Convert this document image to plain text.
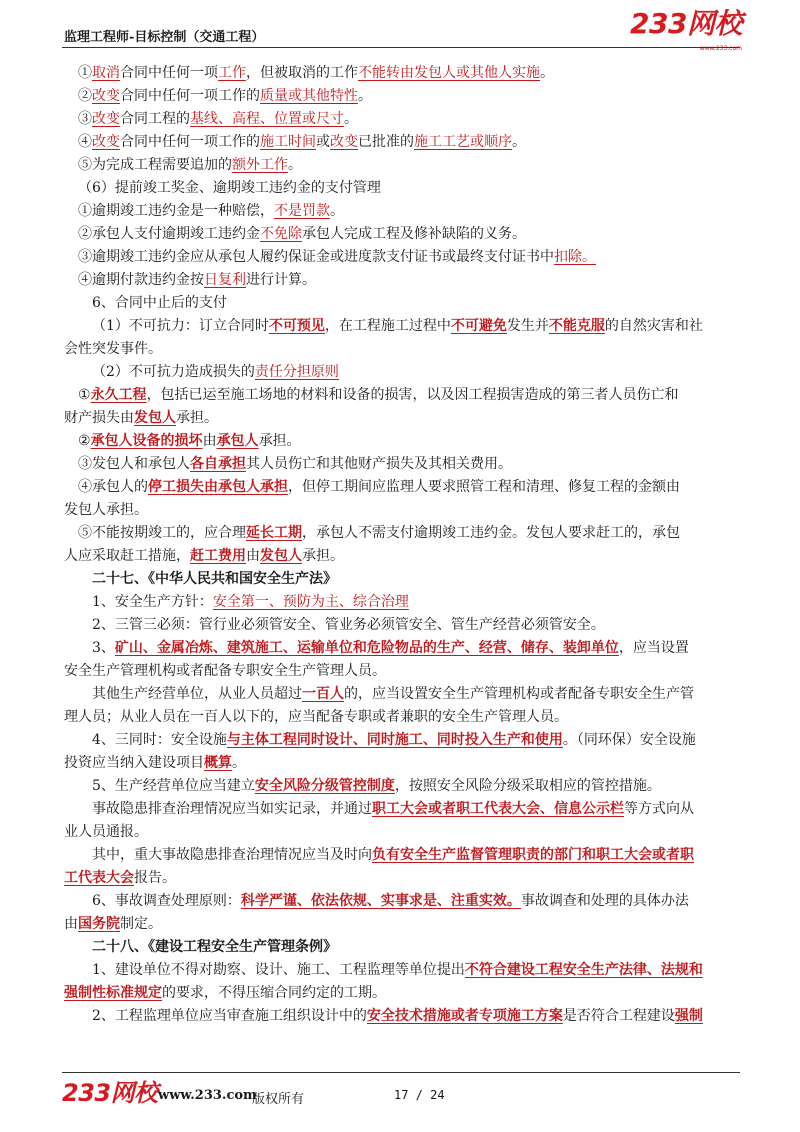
监理工程师-目标控制（交通工程）	233网校
www.233.com

①取消合同中任何一项工作，但被取消的工作不能转由发包人或其他人实施。

②改变合同中任何一项工作的质量或其他特性。

③改变合同工程的基线、高程、位置或尺寸。

④改变合同中任何一项工作的施工时间或改变已批准的施工工艺或顺序。

⑤为完成工程需要追加的额外工作。

（6）提前竣工奖金、逾期竣工违约金的支付管理

①逾期竣工违约金是一种赔偿，不是罚款。

②承包人支付逾期竣工违约金不免除承包人完成工程及修补缺陷的义务。

③逾期竣工违约金应从承包人履约保证金或进度款支付证书或最终支付证书中扣除。

④逾期付款违约金按日复利进行计算。

6、合同中止后的支付

（1）不可抗力：订立合同时不可预见，在工程施工过程中不可避免发生并不能克服的自然灾害和社

会性突发事件。

（2）不可抗力造成损失的责任分担原则

①永久工程，包括已运至施工场地的材料和设备的损害，以及因工程损害造成的第三者人员伤亡和

财产损失由发包人承担。

②承包人设备的损坏由承包人承担。

③发包人和承包人各自承担其人员伤亡和其他财产损失及其相关费用。

④承包人的停工损失由承包人承担，但停工期间应监理人要求照管工程和清理、修复工程的金额由

发包人承担。

⑤不能按期竣工的，应合理延长工期，承包人不需支付逾期竣工违约金。发包人要求赶工的，承包

人应采取赶工措施，赶工费用由发包人承担。

二十七、《中华人民共和国安全生产法》

1、安全生产方针：安全第一、预防为主、综合治理

2、三管三必须：管行业必须管安全、管业务必须管安全、管生产经营必须管安全。

3、矿山、金属冶炼、建筑施工、运输单位和危险物品的生产、经营、储存、装卸单位，应当设置

安全生产管理机构或者配备专职安全生产管理人员。

其他生产经营单位，从业人员超过一百人的，应当设置安全生产管理机构或者配备专职安全生产管

理人员；从业人员在一百人以下的，应当配备专职或者兼职的安全生产管理人员。

4、三同时：安全设施与主体工程同时设计、同时施工、同时投入生产和使用。（同环保）安全设施

投资应当纳入建设项目概算。

5、生产经营单位应当建立安全风险分级管控制度，按照安全风险分级采取相应的管控措施。

事故隐患排查治理情况应当如实记录，并通过职工大会或者职工代表大会、信息公示栏等方式向从

业人员通报。

其中，重大事故隐患排查治理情况应当及时向负有安全生产监督管理职责的部门和职工大会或者职

工代表大会报告。

6、事故调查处理原则：科学严谨、依法依规、实事求是、注重实效。事故调查和处理的具体办法

由国务院制定。

二十八、《建设工程安全生产管理条例》

1、建设单位不得对勘察、设计、施工、工程监理等单位提出不符合建设工程安全生产法律、法规和

强制性标准规定的要求，不得压缩合同约定的工期。

2、工程监理单位应当审查施工组织设计中的安全技术措施或者专项施工方案是否符合工程建设强制

233网校 www.233.com
版权所有	17 / 24
